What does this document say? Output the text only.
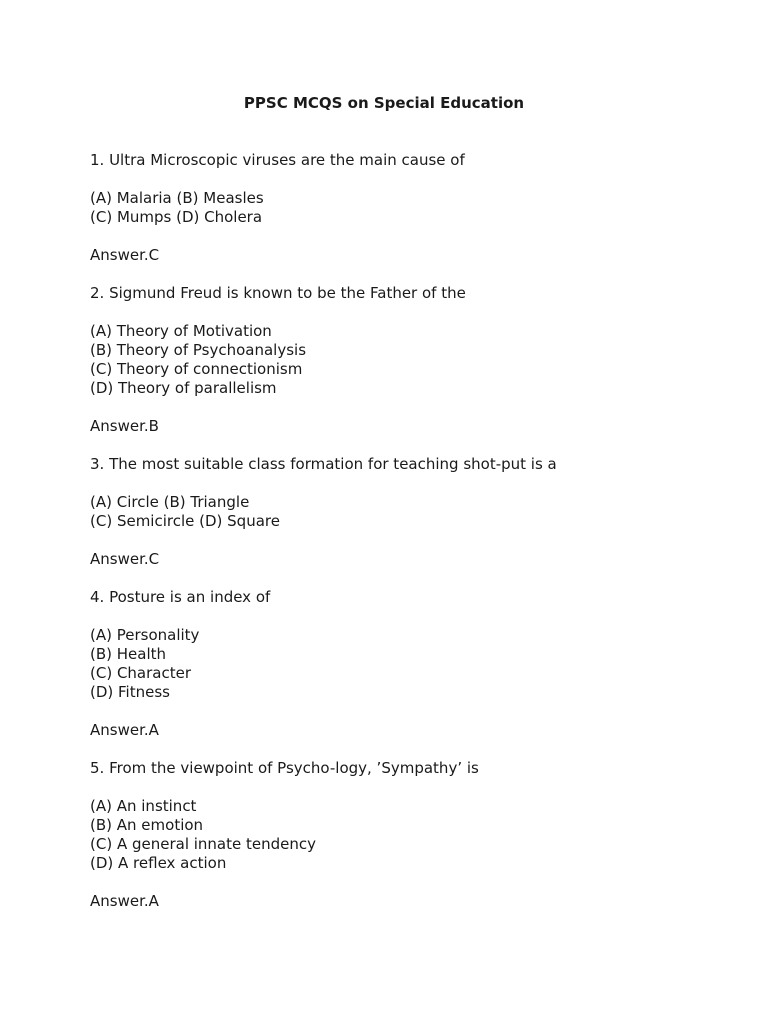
PPSC MCQS on Special Education
1. Ultra Microscopic viruses are the main cause of
(A) Malaria (B) Measles
(C) Mumps (D) Cholera
Answer.C
2. Sigmund Freud is known to be the Father of the
(A) Theory of Motivation
(B) Theory of Psychoanalysis
(C) Theory of connectionism
(D) Theory of parallelism
Answer.B
3. The most suitable class formation for teaching shot-put is a
(A) Circle (B) Triangle
(C) Semicircle (D) Square
Answer.C
4. Posture is an index of
(A) Personality
(B) Health
(C) Character
(D) Fitness
Answer.A
5. From the viewpoint of Psycho-logy, ’Sympathy’ is
(A) An instinct
(B) An emotion
(C) A general innate tendency
(D) A reflex action
Answer.A
